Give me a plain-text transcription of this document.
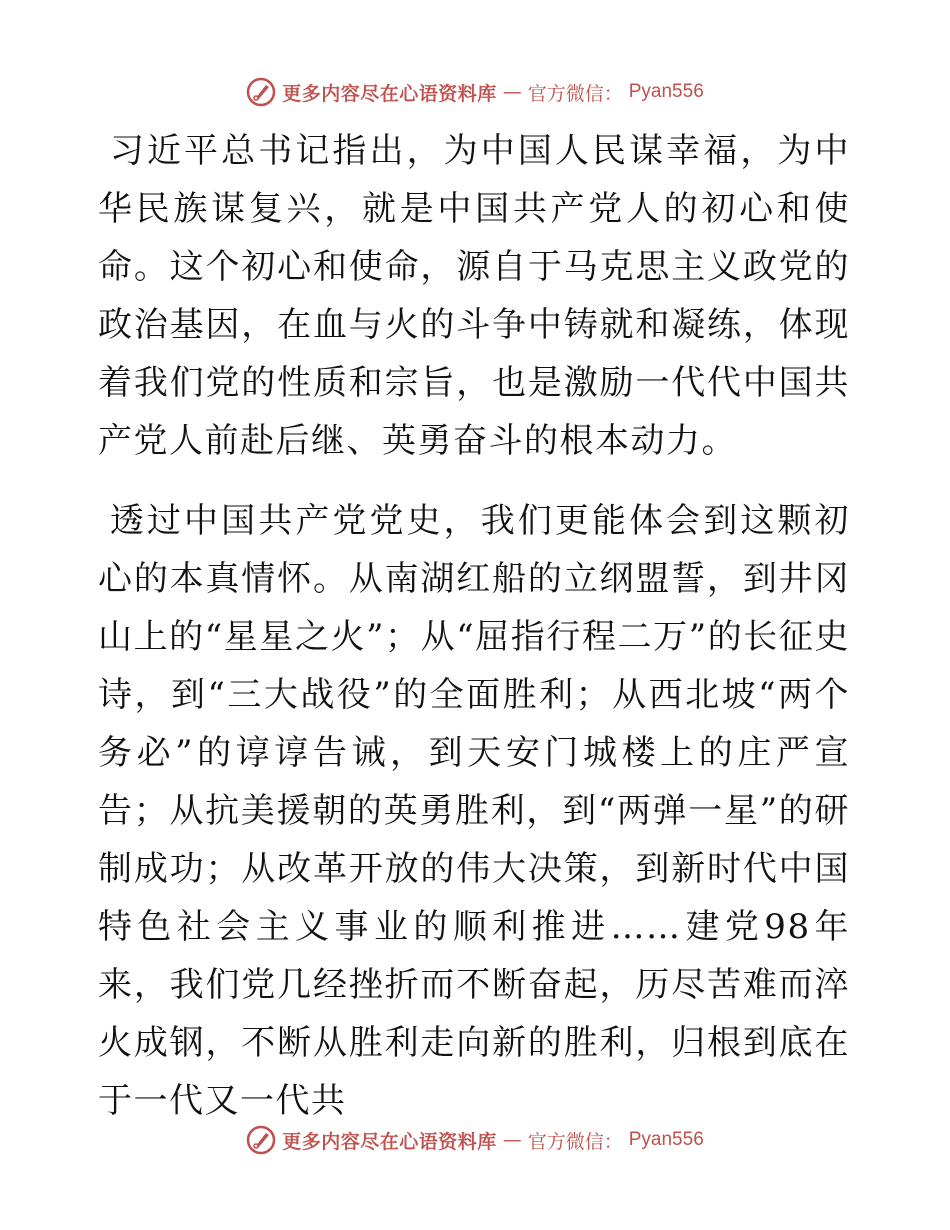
更多内容尽在心语资料库 — 官方微信： Pyan556

习近平总书记指出，为中国人民谋幸福，为中华民族谋复兴，就是中国共产党人的初心和使命。这个初心和使命，源自于马克思主义政党的政治基因，在血与火的斗争中铸就和凝练，体现着我们党的性质和宗旨，也是激励一代代中国共产党人前赴后继、英勇奋斗的根本动力。

透过中国共产党党史，我们更能体会到这颗初心的本真情怀。从南湖红船的立纲盟誓，到井冈山上的“星星之火”；从“屈指行程二万”的长征史诗，到“三大战役”的全面胜利；从西北坡“两个务必”的谆谆告诫，到天安门城楼上的庄严宣告；从抗美援朝的英勇胜利，到“两弹一星”的研制成功；从改革开放的伟大决策，到新时代中国特色社会主义事业的顺利推进……建党98年来，我们党几经挫折而不断奋起，历尽苦难而淬火成钢，不断从胜利走向新的胜利，归根到底在于一代又一代共

更多内容尽在心语资料库 — 官方微信： Pyan556
